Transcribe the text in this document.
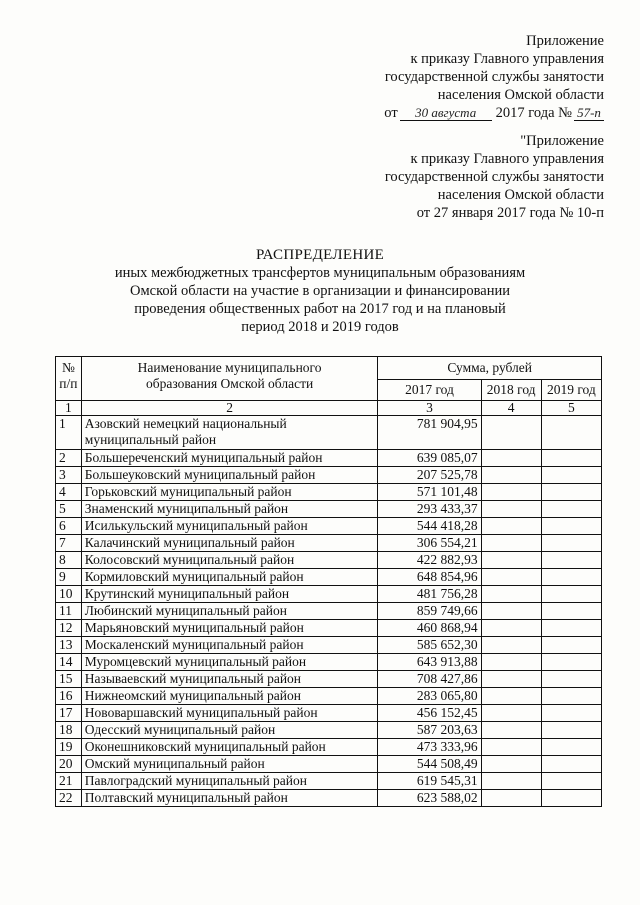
Приложение
к приказу Главного управления
государственной службы занятости
населения Омской области
от 30 августа 2017 года № 57-п
"Приложение
к приказу Главного управления
государственной службы занятости
населения Омской области
от 27 января 2017 года № 10-п
РАСПРЕДЕЛЕНИЕ
иных межбюджетных трансфертов муниципальным образованиям
Омской области на участие в организации и финансировании
проведения общественных работ на 2017 год и на плановый
период 2018 и 2019 годов
№ п/п	Наименование муниципального образования Омской области	Сумма, рублей		
		2017 год	2018 год	2019 год
1	2	3	4	5
1	Азовский немецкий национальный муниципальный район	781 904,95		
2	Большереченский муниципальный район	639 085,07		
3	Большеуковский муниципальный район	207 525,78		
4	Горьковский муниципальный район	571 101,48		
5	Знаменский муниципальный район	293 433,37		
6	Исилькульский муниципальный район	544 418,28		
7	Калачинский муниципальный район	306 554,21		
8	Колосовский муниципальный район	422 882,93		
9	Кормиловский муниципальный район	648 854,96		
10	Крутинский муниципальный район	481 756,28		
11	Любинский муниципальный район	859 749,66		
12	Марьяновский муниципальный район	460 868,94		
13	Москаленский муниципальный район	585 652,30		
14	Муромцевский муниципальный район	643 913,88		
15	Называевский муниципальный район	708 427,86		
16	Нижнеомский муниципальный район	283 065,80		
17	Нововаршавский муниципальный район	456 152,45		
18	Одесский муниципальный район	587 203,63		
19	Оконешниковский муниципальный район	473 333,96		
20	Омский муниципальный район	544 508,49		
21	Павлоградский муниципальный район	619 545,31		
22	Полтавский муниципальный район	623 588,02		
